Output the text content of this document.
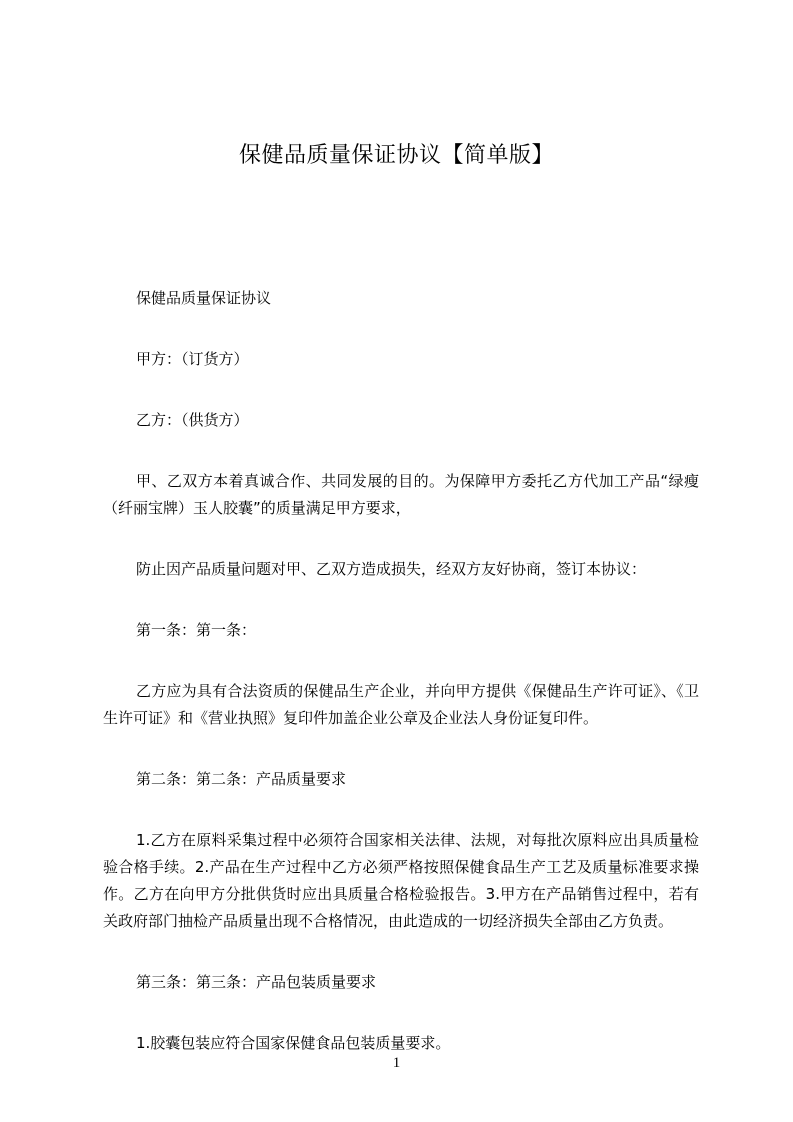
保健品质量保证协议【简单版】

保健品质量保证协议

甲方：（订货方）

乙方：（供货方）

甲、乙双方本着真诚合作、共同发展的目的。为保障甲方委托乙方代加工产品“绿瘦（纤丽宝牌）玉人胶囊”的质量满足甲方要求，

防止因产品质量问题对甲、乙双方造成损失，经双方友好协商，签订本协议：

第一条：第一条：

乙方应为具有合法资质的保健品生产企业，并向甲方提供《保健品生产许可证》、《卫生许可证》和《营业执照》复印件加盖企业公章及企业法人身份证复印件。

第二条：第二条：产品质量要求

1.乙方在原料采集过程中必须符合国家相关法律、法规，对每批次原料应出具质量检验合格手续。2.产品在生产过程中乙方必须严格按照保健食品生产工艺及质量标准要求操作。乙方在向甲方分批供货时应出具质量合格检验报告。3.甲方在产品销售过程中，若有关政府部门抽检产品质量出现不合格情况，由此造成的一切经济损失全部由乙方负责。

第三条：第三条：产品包装质量要求

1.胶囊包装应符合国家保健食品包装质量要求。

1
